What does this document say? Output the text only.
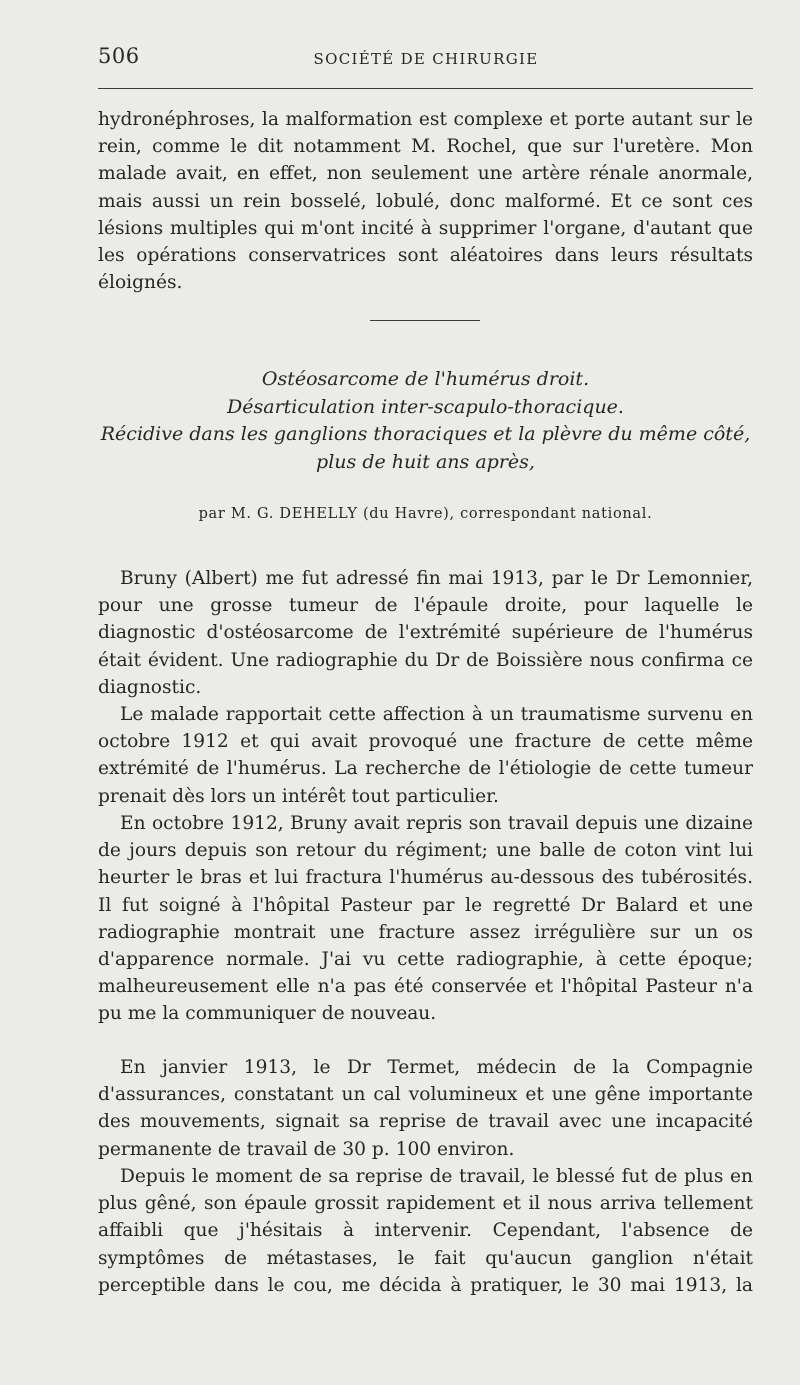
506	SOCIÉTÉ DE CHIRURGIE

hydronéphroses, la malformation est complexe et porte autant sur le rein, comme le dit notamment M. Rochel, que sur l'uretère. Mon malade avait, en effet, non seulement une artère rénale anormale, mais aussi un rein bosselé, lobulé, donc malformé. Et ce sont ces lésions multiples qui m'ont incité à supprimer l'organe, d'autant que les opérations conservatrices sont aléatoires dans leurs résultats éloignés.

Ostéosarcome de l'humérus droit.
Désarticulation inter-scapulo-thoracique.
Récidive dans les ganglions thoraciques et la plèvre du même côté,
plus de huit ans après,
par M. G. DEHELLY (du Havre), correspondant national.

Bruny (Albert) me fut adressé fin mai 1913, par le Dr Lemonnier, pour une grosse tumeur de l'épaule droite, pour laquelle le diagnostic d'ostéosarcome de l'extrémité supérieure de l'humérus était évident. Une radiographie du Dr de Boissière nous confirma ce diagnostic.

Le malade rapportait cette affection à un traumatisme survenu en octobre 1912 et qui avait provoqué une fracture de cette même extrémité de l'humérus. La recherche de l'étiologie de cette tumeur prenait dès lors un intérêt tout particulier.

En octobre 1912, Bruny avait repris son travail depuis une dizaine de jours depuis son retour du régiment; une balle de coton vint lui heurter le bras et lui fractura l'humérus au-dessous des tubérosités. Il fut soigné à l'hôpital Pasteur par le regretté Dr Balard et une radiographie montrait une fracture assez irrégulière sur un os d'apparence normale. J'ai vu cette radiographie, à cette époque; malheureusement elle n'a pas été conservée et l'hôpital Pasteur n'a pu me la communiquer de nouveau.

En janvier 1913, le Dr Termet, médecin de la Compagnie d'assurances, constatant un cal volumineux et une gêne importante des mouvements, signait sa reprise de travail avec une incapacité permanente de travail de 30 p. 100 environ.

Depuis le moment de sa reprise de travail, le blessé fut de plus en plus gêné, son épaule grossit rapidement et il nous arriva tellement affaibli que j'hésitais à intervenir. Cependant, l'absence de symptômes de métastases, le fait qu'aucun ganglion n'était perceptible dans le cou, me décida à pratiquer, le 30 mai 1913, la
